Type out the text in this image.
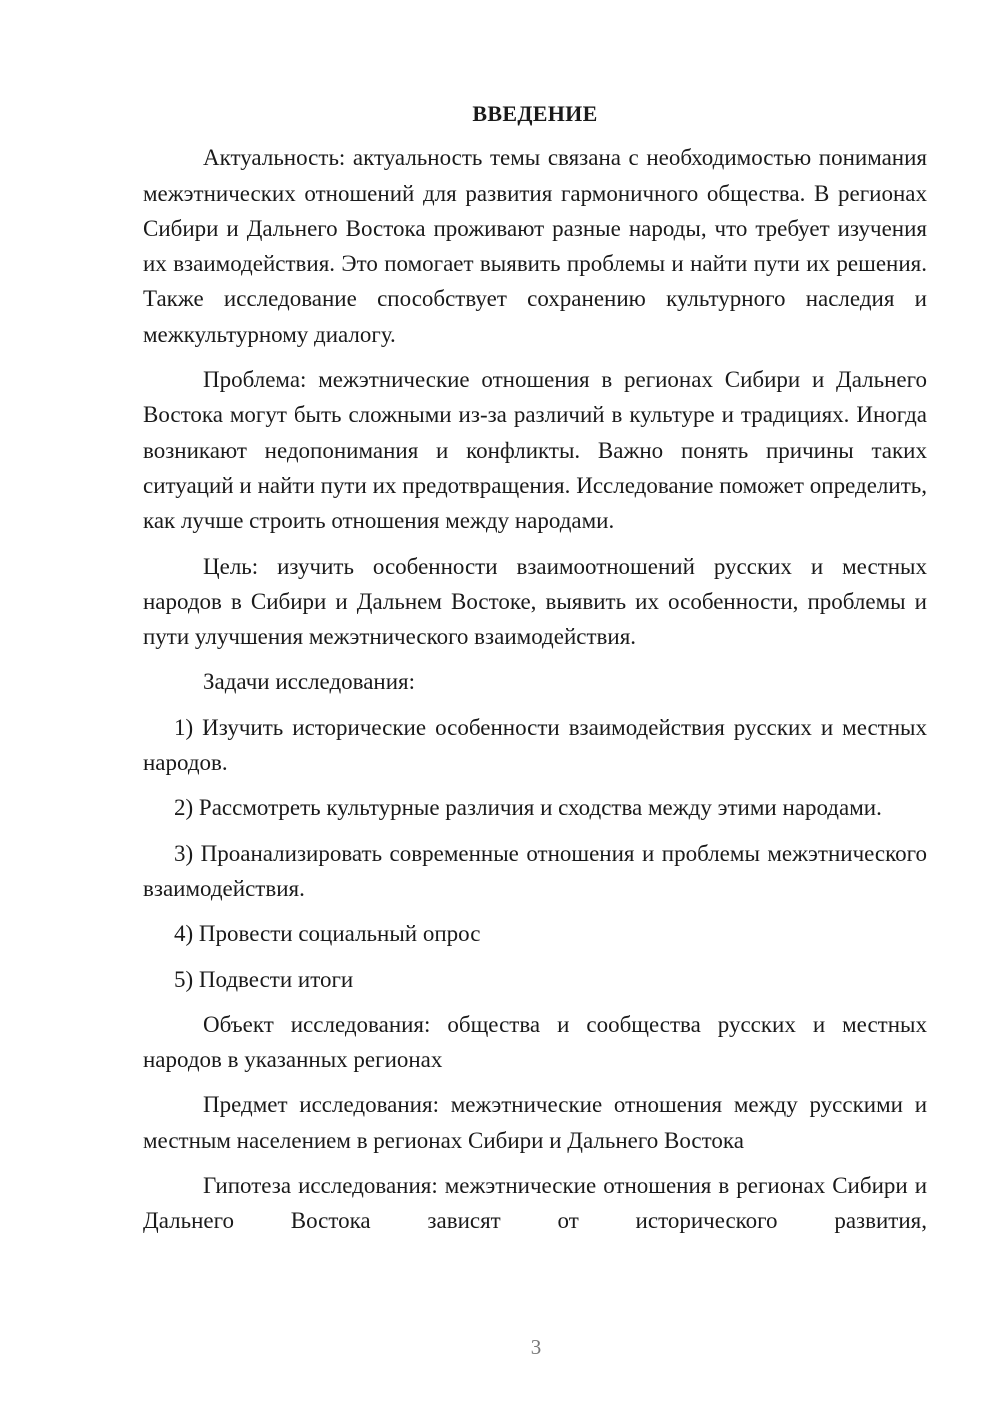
ВВЕДЕНИЕ

Актуальность: актуальность темы связана с необходимостью понимания межэтнических отношений для развития гармоничного общества. В регионах Сибири и Дальнего Востока проживают разные народы, что требует изучения их взаимодействия. Это помогает выявить проблемы и найти пути их решения. Также исследование способствует сохранению культурного наследия и межкультурному диалогу.

Проблема: межэтнические отношения в регионах Сибири и Дальнего Востока могут быть сложными из-за различий в культуре и традициях. Иногда возникают недопонимания и конфликты. Важно понять причины таких ситуаций и найти пути их предотвращения. Исследование поможет определить, как лучше строить отношения между народами.

Цель: изучить особенности взаимоотношений русских и местных народов в Сибири и Дальнем Востоке, выявить их особенности, проблемы и пути улучшения межэтнического взаимодействия.

Задачи исследования:

1) Изучить исторические особенности взаимодействия русских и местных народов.

2) Рассмотреть культурные различия и сходства между этими народами.

3) Проанализировать современные отношения и проблемы межэтнического взаимодействия.

4) Провести социальный опрос

5) Подвести итоги

Объект исследования: общества и сообщества русских и местных народов в указанных регионах

Предмет исследования: межэтнические отношения между русскими и местным населением в регионах Сибири и Дальнего Востока

Гипотеза исследования: межэтнические отношения в регионах Сибири и Дальнего Востока зависят от исторического развития,

3
